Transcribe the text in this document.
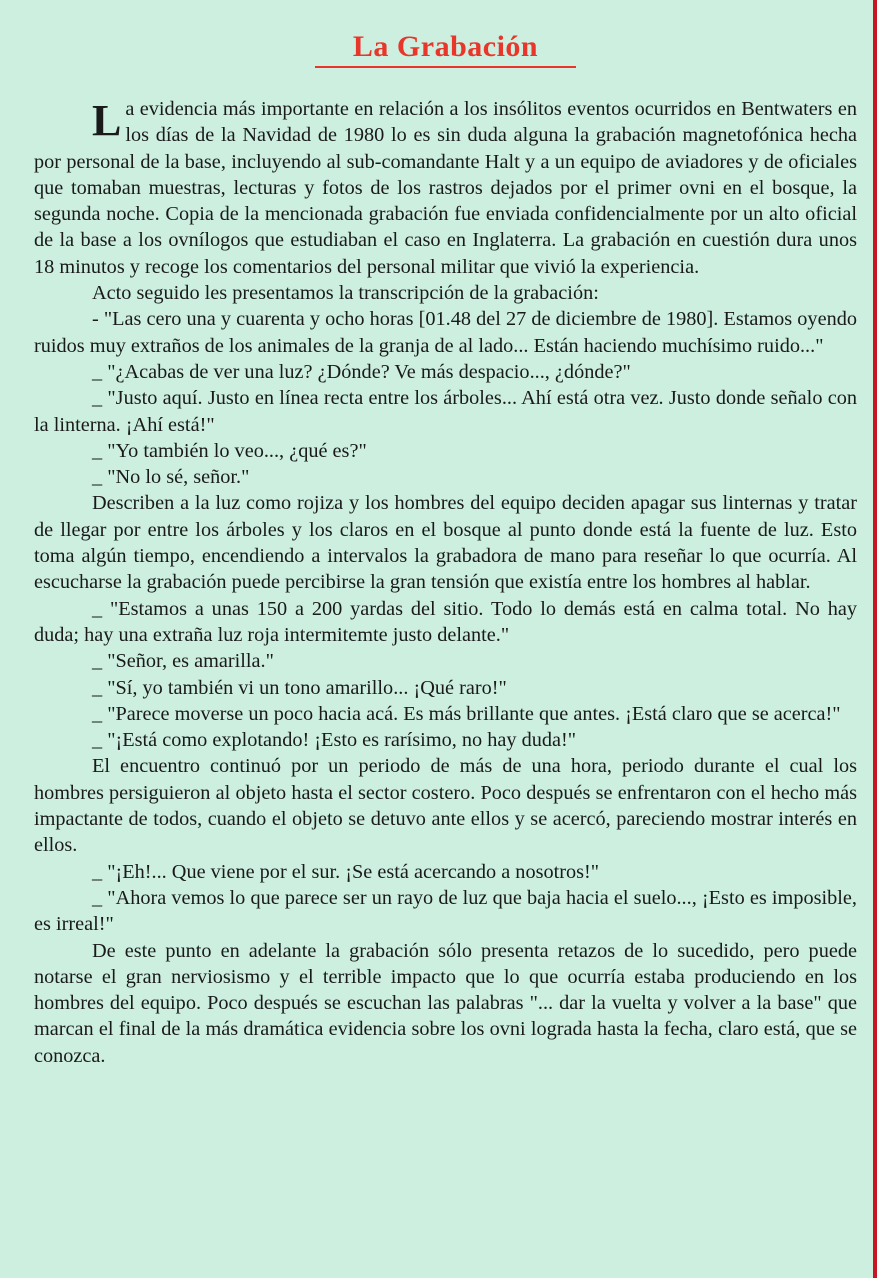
La Grabación

La evidencia más importante en relación a los insólitos eventos ocurridos en Bentwaters en los días de la Navidad de 1980 lo es sin duda alguna la grabación magnetofónica hecha por personal de la base, incluyendo al sub-comandante Halt y a un equipo de aviadores y de oficiales que tomaban muestras, lecturas y fotos de los rastros dejados por el primer ovni en el bosque, la segunda noche. Copia de la mencionada grabación fue enviada confidencialmente por un alto oficial de la base a los ovnílogos que estudiaban el caso en Inglaterra. La grabación en cuestión dura unos 18 minutos y recoge los comentarios del personal militar que vivió la experiencia.

Acto seguido les presentamos la transcripción de la grabación:

- "Las cero una y cuarenta y ocho horas [01.48 del 27 de diciembre de 1980]. Estamos oyendo ruidos muy extraños de los animales de la granja de al lado... Están haciendo muchísimo ruido..."

_ "¿Acabas de ver una luz? ¿Dónde? Ve más despacio..., ¿dónde?"

_ "Justo aquí. Justo en línea recta entre los árboles... Ahí está otra vez. Justo donde señalo con la linterna. ¡Ahí está!"

_ "Yo también lo veo..., ¿qué es?"

_ "No lo sé, señor."

Describen a la luz como rojiza y los hombres del equipo deciden apagar sus linternas y tratar de llegar por entre los árboles y los claros en el bosque al punto donde está la fuente de luz. Esto toma algún tiempo, encendiendo a intervalos la grabadora de mano para reseñar lo que ocurría. Al escucharse la grabación puede percibirse la gran tensión que existía entre los hombres al hablar.

_ "Estamos a unas 150 a 200 yardas del sitio. Todo lo demás está en calma total. No hay duda; hay una extraña luz roja intermitemte justo delante."

_ "Señor, es amarilla."

_ "Sí, yo también vi un tono amarillo... ¡Qué raro!"

_ "Parece moverse un poco hacia acá. Es más brillante que antes. ¡Está claro que se acerca!"

_ "¡Está como explotando! ¡Esto es rarísimo, no hay duda!"

El encuentro continuó por un periodo de más de una hora, periodo durante el cual los hombres persiguieron al objeto hasta el sector costero. Poco después se enfrentaron con el hecho más impactante de todos, cuando el objeto se detuvo ante ellos y se acercó, pareciendo mostrar interés en ellos.

_ "¡Eh!... Que viene por el sur. ¡Se está acercando a nosotros!"

_ "Ahora vemos lo que parece ser un rayo de luz que baja hacia el suelo..., ¡Esto es imposible, es irreal!"

De este punto en adelante la grabación sólo presenta retazos de lo sucedido, pero puede notarse el gran nerviosismo y el terrible impacto que lo que ocurría estaba produciendo en los hombres del equipo. Poco después se escuchan las palabras "... dar la vuelta y volver a la base" que marcan el final de la más dramática evidencia sobre los ovni lograda hasta la fecha, claro está, que se conozca.
